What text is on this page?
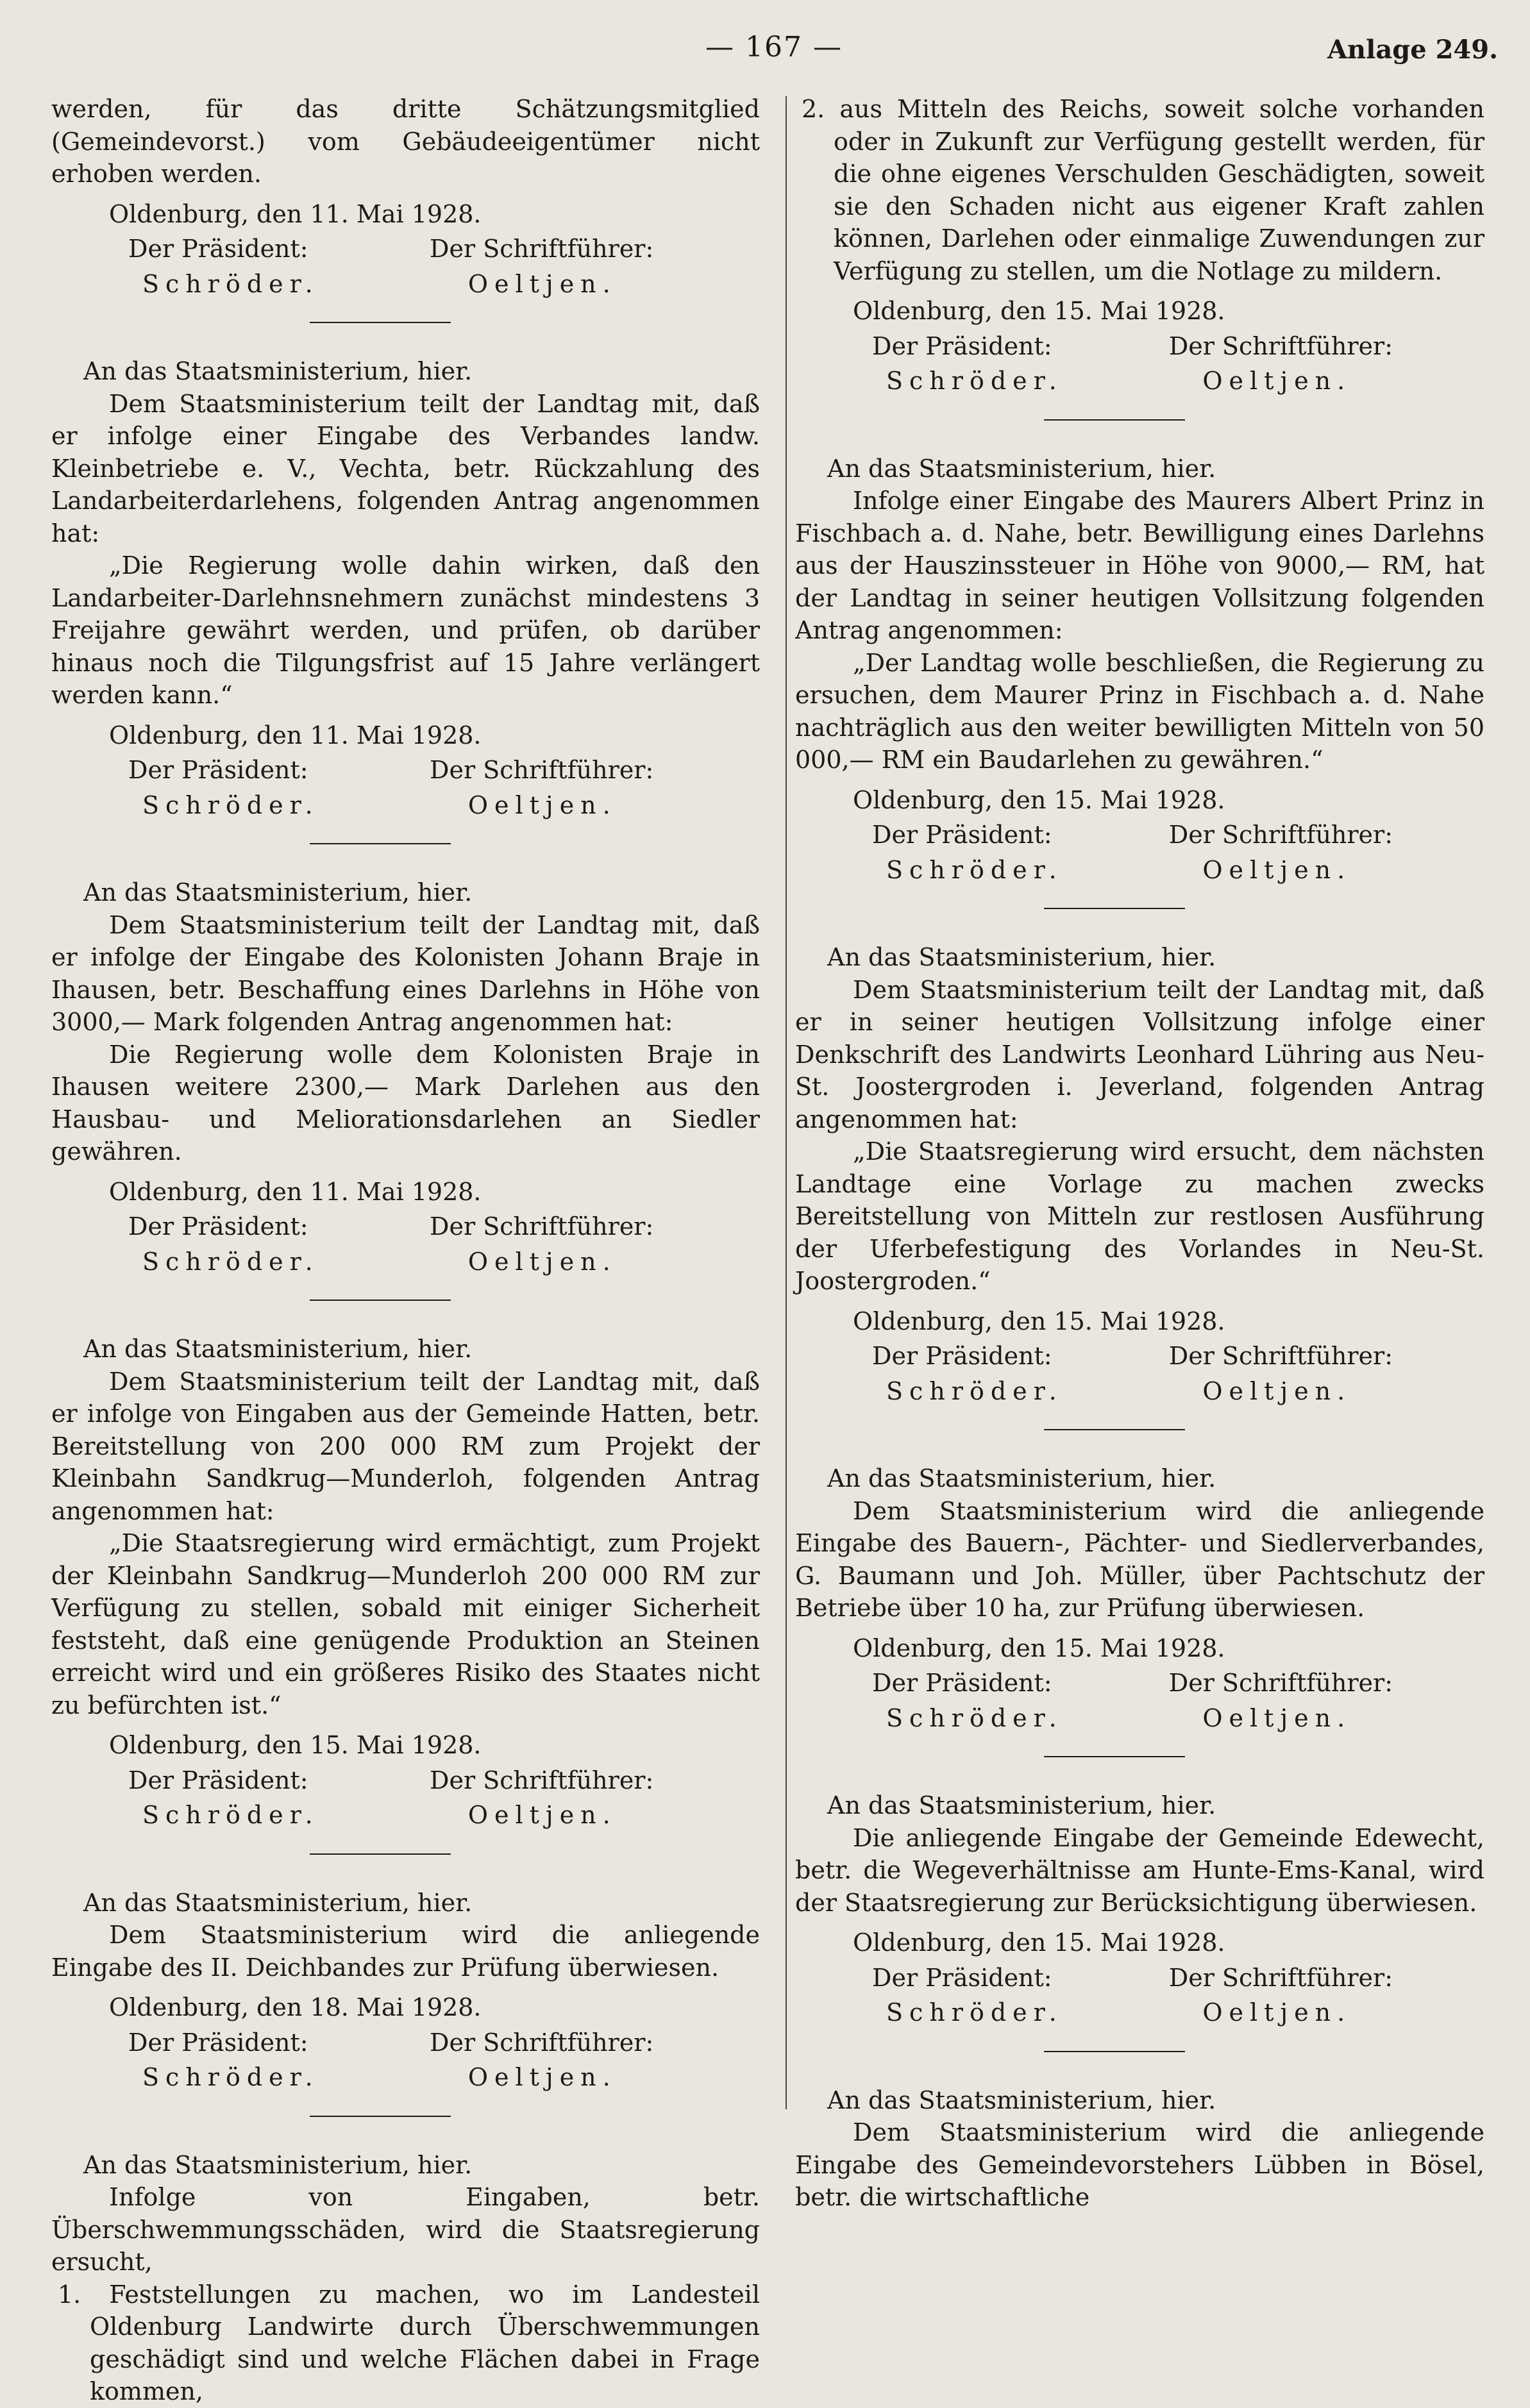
— 167 —	Anlage 249.

werden, für das dritte Schätzungsmitglied (Gemeindevorst.) vom Gebäudeeigentümer nicht erhoben werden.

Oldenburg, den 11. Mai 1928.

Der Präsident:	Der Schriftführer:
Schröder.	Oeltjen.

An das Staatsministerium, hier.

Dem Staatsministerium teilt der Landtag mit, daß er infolge einer Eingabe des Verbandes landw. Kleinbetriebe e. V., Vechta, betr. Rückzahlung des Landarbeiterdarlehens, folgenden Antrag angenommen hat:

„Die Regierung wolle dahin wirken, daß den Landarbeiter-Darlehnsnehmern zunächst mindestens 3 Freijahre gewährt werden, und prüfen, ob darüber hinaus noch die Tilgungsfrist auf 15 Jahre verlängert werden kann.“

Oldenburg, den 11. Mai 1928.

Der Präsident:	Der Schriftführer:
Schröder.	Oeltjen.

An das Staatsministerium, hier.

Dem Staatsministerium teilt der Landtag mit, daß er infolge der Eingabe des Kolonisten Johann Braje in Ihausen, betr. Beschaffung eines Darlehns in Höhe von 3000,— Mark folgenden Antrag angenommen hat:

Die Regierung wolle dem Kolonisten Braje in Ihausen weitere 2300,— Mark Darlehen aus den Hausbau- und Meliorationsdarlehen an Siedler gewähren.

Oldenburg, den 11. Mai 1928.

Der Präsident:	Der Schriftführer:
Schröder.	Oeltjen.

An das Staatsministerium, hier.

Dem Staatsministerium teilt der Landtag mit, daß er infolge von Eingaben aus der Gemeinde Hatten, betr. Bereitstellung von 200 000 RM zum Projekt der Kleinbahn Sandkrug—Munderloh, folgenden Antrag angenommen hat:

„Die Staatsregierung wird ermächtigt, zum Projekt der Kleinbahn Sandkrug—Munderloh 200 000 RM zur Verfügung zu stellen, sobald mit einiger Sicherheit feststeht, daß eine genügende Produktion an Steinen erreicht wird und ein größeres Risiko des Staates nicht zu befürchten ist.“

Oldenburg, den 15. Mai 1928.

Der Präsident:	Der Schriftführer:
Schröder.	Oeltjen.

An das Staatsministerium, hier.

Dem Staatsministerium wird die anliegende Eingabe des II. Deichbandes zur Prüfung überwiesen.

Oldenburg, den 18. Mai 1928.

Der Präsident:	Der Schriftführer:
Schröder.	Oeltjen.

An das Staatsministerium, hier.

Infolge von Eingaben, betr. Überschwemmungsschäden, wird die Staatsregierung ersucht,

1. Feststellungen zu machen, wo im Landesteil Oldenburg Landwirte durch Überschwemmungen geschädigt sind und welche Flächen dabei in Frage kommen,

2. aus Mitteln des Reichs, soweit solche vorhanden oder in Zukunft zur Verfügung gestellt werden, für die ohne eigenes Verschulden Geschädigten, soweit sie den Schaden nicht aus eigener Kraft zahlen können, Darlehen oder einmalige Zuwendungen zur Verfügung zu stellen, um die Notlage zu mildern.

Oldenburg, den 15. Mai 1928.

Der Präsident:	Der Schriftführer:
Schröder.	Oeltjen.

An das Staatsministerium, hier.

Infolge einer Eingabe des Maurers Albert Prinz in Fischbach a. d. Nahe, betr. Bewilligung eines Darlehns aus der Hauszinssteuer in Höhe von 9000,— RM, hat der Landtag in seiner heutigen Vollsitzung folgenden Antrag angenommen:

„Der Landtag wolle beschließen, die Regierung zu ersuchen, dem Maurer Prinz in Fischbach a. d. Nahe nachträglich aus den weiter bewilligten Mitteln von 50 000,— RM ein Baudarlehen zu gewähren.“

Oldenburg, den 15. Mai 1928.

Der Präsident:	Der Schriftführer:
Schröder.	Oeltjen.

An das Staatsministerium, hier.

Dem Staatsministerium teilt der Landtag mit, daß er in seiner heutigen Vollsitzung infolge einer Denkschrift des Landwirts Leonhard Lühring aus Neu-St. Joostergroden i. Jeverland, folgenden Antrag angenommen hat:

„Die Staatsregierung wird ersucht, dem nächsten Landtage eine Vorlage zu machen zwecks Bereitstellung von Mitteln zur restlosen Ausführung der Uferbefestigung des Vorlandes in Neu-St. Joostergroden.“

Oldenburg, den 15. Mai 1928.

Der Präsident:	Der Schriftführer:
Schröder.	Oeltjen.

An das Staatsministerium, hier.

Dem Staatsministerium wird die anliegende Eingabe des Bauern-, Pächter- und Siedlerverbandes, G. Baumann und Joh. Müller, über Pachtschutz der Betriebe über 10 ha, zur Prüfung überwiesen.

Oldenburg, den 15. Mai 1928.

Der Präsident:	Der Schriftführer:
Schröder.	Oeltjen.

An das Staatsministerium, hier.

Die anliegende Eingabe der Gemeinde Edewecht, betr. die Wegeverhältnisse am Hunte-Ems-Kanal, wird der Staatsregierung zur Berücksichtigung überwiesen.

Oldenburg, den 15. Mai 1928.

Der Präsident:	Der Schriftführer:
Schröder.	Oeltjen.

An das Staatsministerium, hier.

Dem Staatsministerium wird die anliegende Eingabe des Gemeindevorstehers Lübben in Bösel, betr. die wirtschaftliche
